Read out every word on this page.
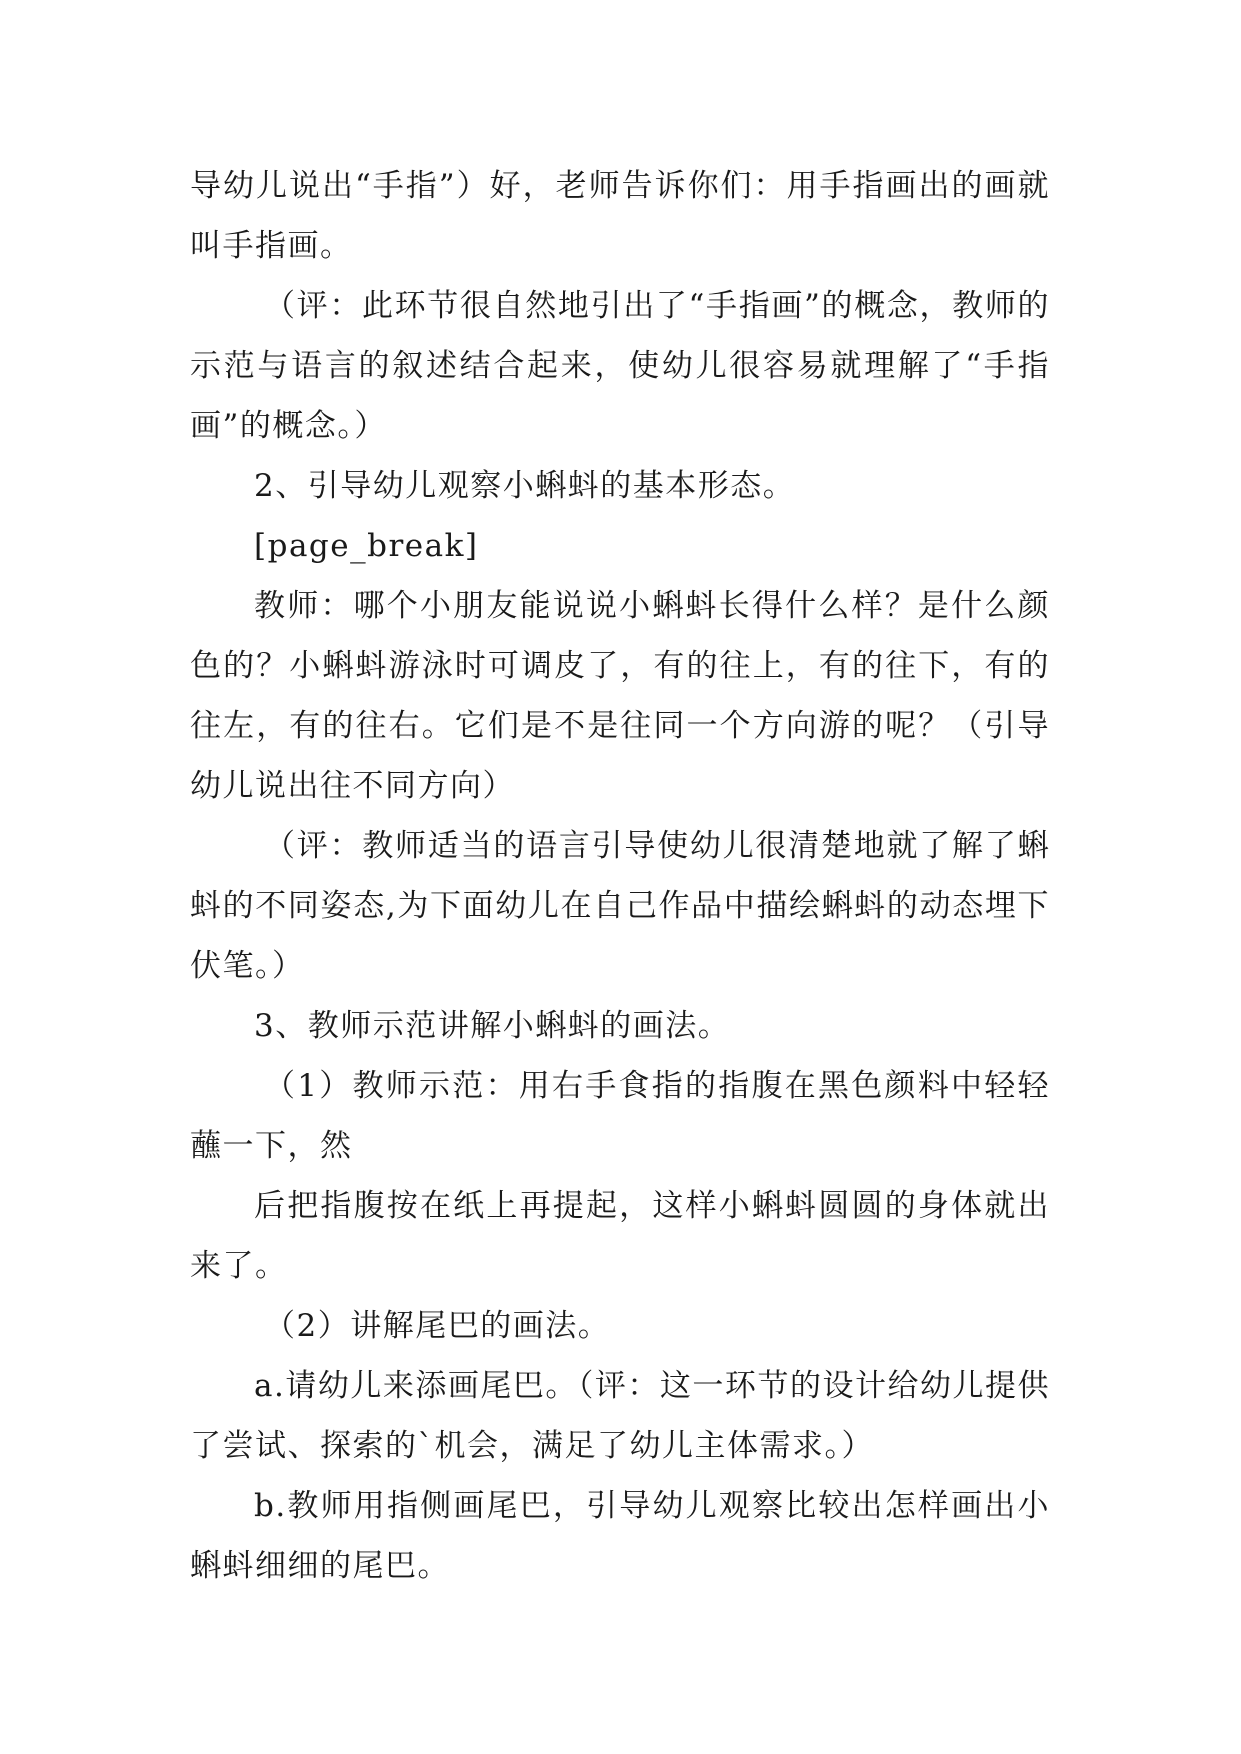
导幼儿说出“手指”）好，老师告诉你们：用手指画出的画就叫手指画。

（评：此环节很自然地引出了“手指画”的概念，教师的示范与语言的叙述结合起来，使幼儿很容易就理解了“手指画”的概念。）

2、引导幼儿观察小蝌蚪的基本形态。

[page_break]

教师：哪个小朋友能说说小蝌蚪长得什么样？是什么颜色的？小蝌蚪游泳时可调皮了，有的往上，有的往下，有的往左，有的往右。它们是不是往同一个方向游的呢？（引导幼儿说出往不同方向）

（评：教师适当的语言引导使幼儿很清楚地就了解了蝌蚪的不同姿态,为下面幼儿在自己作品中描绘蝌蚪的动态埋下伏笔。）

3、教师示范讲解小蝌蚪的画法。

（1）教师示范：用右手食指的指腹在黑色颜料中轻轻蘸一下，然

后把指腹按在纸上再提起，这样小蝌蚪圆圆的身体就出来了。

（2）讲解尾巴的画法。

a.请幼儿来添画尾巴。（评：这一环节的设计给幼儿提供了尝试、探索的`机会，满足了幼儿主体需求。）

b.教师用指侧画尾巴，引导幼儿观察比较出怎样画出小蝌蚪细细的尾巴。
